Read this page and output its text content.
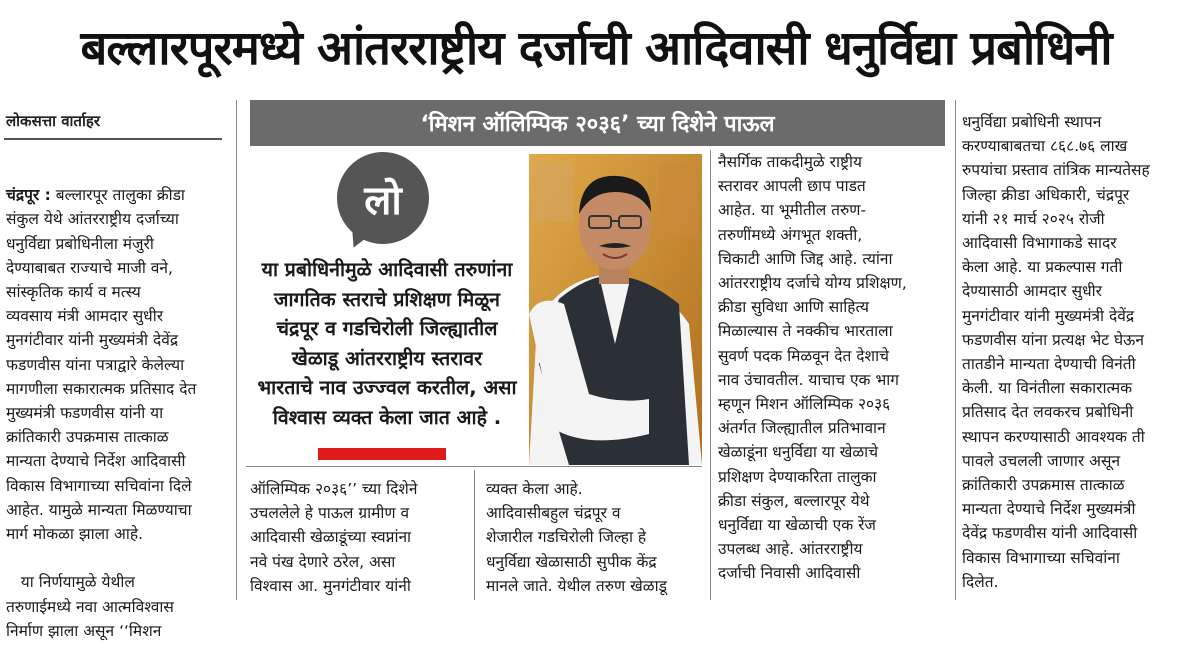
बल्लारपूरमध्ये आंतरराष्ट्रीय दर्जाची आदिवासी धनुर्विद्या प्रबोधिनी
लोकसत्ता वार्ताहर

चंद्रपूर : बल्लारपूर तालुका क्रीडा
संकुल येथे आंतरराष्ट्रीय दर्जाच्या
धनुर्विद्या प्रबोधिनीला मंजुरी
देण्याबाबत राज्याचे माजी वने,
सांस्कृतिक कार्य व मत्स्य
व्यवसाय मंत्री आमदार सुधीर
मुनगंटीवार यांनी मुख्यमंत्री देवेंद्र
फडणवीस यांना पत्राद्वारे केलेल्या
मागणीला सकारात्मक प्रतिसाद देत
मुख्यमंत्री फडणवीस यांनी या
क्रांतिकारी उपक्रमास तात्काळ
मान्यता देण्याचे निर्देश आदिवासी
विकास विभागाच्या सचिवांना दिले
आहेत. यामुळे मान्यता मिळण्याचा
मार्ग मोकळा झाला आहे.

या निर्णयामुळे येथील
तरुणाईमध्ये नवा आत्मविश्वास
निर्माण झाला असून ‘‘मिशन

‘मिशन ऑलिम्पिक २०३६’ च्या दिशेने पाऊल
लो
या प्रबोधिनीमुळे आदिवासी तरुणांना
जागतिक स्तराचे प्रशिक्षण मिळून
चंद्रपूर व गडचिरोली जिल्ह्यातील
खेळाडू आंतरराष्ट्रीय स्तरावर
भारताचे नाव उज्ज्वल करतील, असा
विश्वास व्यक्त केला जात आहे .
ऑलिम्पिक २०३६’’ च्या दिशेने
उचललेले हे पाऊल ग्रामीण व
आदिवासी खेळाडूंच्या स्वप्नांना
नवे पंख देणारे ठरेल, असा
विश्वास आ. मुनगंटीवार यांनी
व्यक्त केला आहे.
आदिवासीबहुल चंद्रपूर व
शेजारील गडचिरोली जिल्हा हे
धनुर्विद्या खेळासाठी सुपीक केंद्र
मानले जाते. येथील तरुण खेळाडू
नैसर्गिक ताकदीमुळे राष्ट्रीय
स्तरावर आपली छाप पाडत
आहेत. या भूमीतील तरुण-
तरुणींमध्ये अंगभूत शक्ती,
चिकाटी आणि जिद्द आहे. त्यांना
आंतरराष्ट्रीय दर्जाचे योग्य प्रशिक्षण,
क्रीडा सुविधा आणि साहित्य
मिळाल्यास ते नक्कीच भारताला
सुवर्ण पदक मिळवून देत देशाचे
नाव उंचावतील. याचाच एक भाग
म्हणून मिशन ऑलिम्पिक २०३६
अंतर्गत जिल्ह्यातील प्रतिभावान
खेळाडूंना धनुर्विद्या या खेळाचे
प्रशिक्षण देण्याकरिता तालुका
क्रीडा संकुल, बल्लारपूर येथे
धनुर्विद्या या खेळाची एक रेंज
उपलब्ध आहे. आंतरराष्ट्रीय
दर्जाची निवासी आदिवासी
धनुर्विद्या प्रबोधिनी स्थापन
करण्याबाबतचा ८६८.७६ लाख
रुपयांचा प्रस्ताव तांत्रिक मान्यतेसह
जिल्हा क्रीडा अधिकारी, चंद्रपूर
यांनी २१ मार्च २०२५ रोजी
आदिवासी विभागाकडे सादर
केला आहे. या प्रकल्पास गती
देण्यासाठी आमदार सुधीर
मुनगंटीवार यांनी मुख्यमंत्री देवेंद्र
फडणवीस यांना प्रत्यक्ष भेट घेऊन
तातडीने मान्यता देण्याची विनंती
केली. या विनंतीला सकारात्मक
प्रतिसाद देत लवकरच प्रबोधिनी
स्थापन करण्यासाठी आवश्यक ती
पावले उचलली जाणार असून
क्रांतिकारी उपक्रमास तात्काळ
मान्यता देण्याचे निर्देश मुख्यमंत्री
देवेंद्र फडणवीस यांनी आदिवासी
विकास विभागाच्या सचिवांना
दिलेत.
